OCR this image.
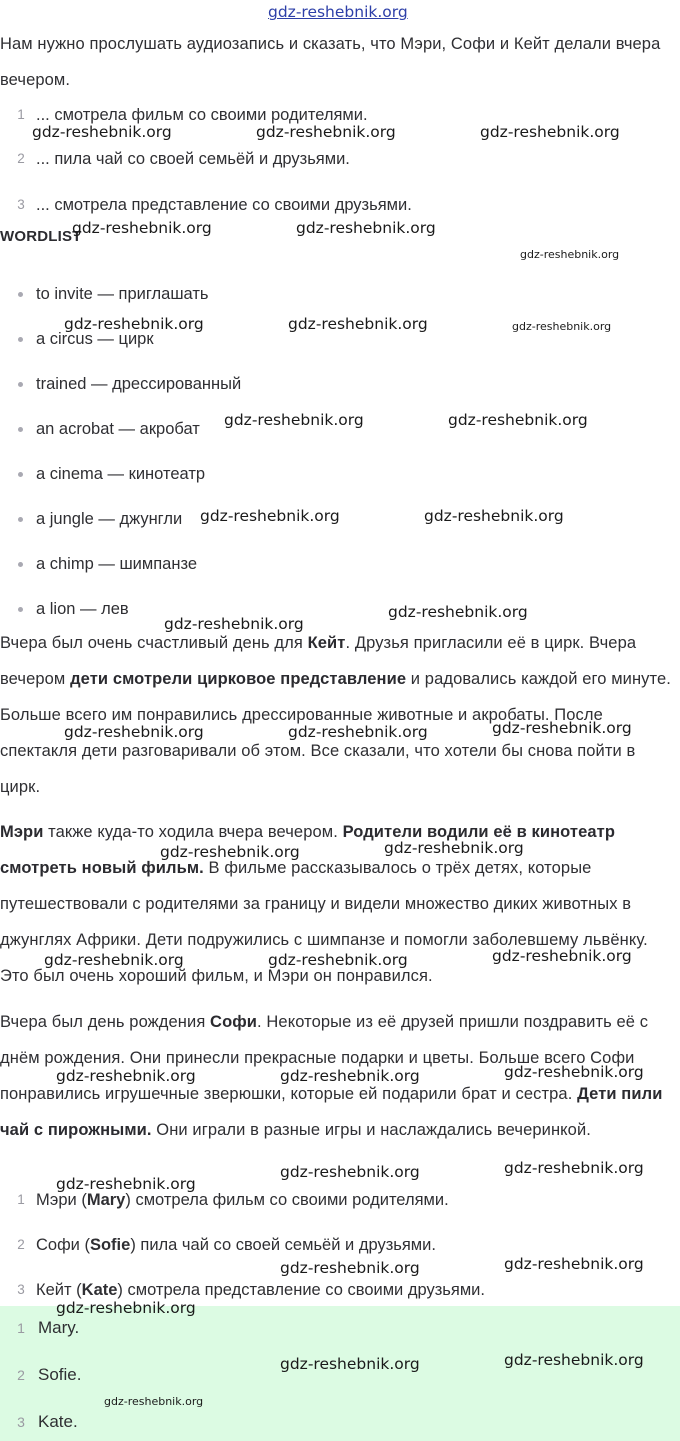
Нам нужно прослушать аудиозапись и сказать, что Мэри, Софи и Кейт делали вчера вечером.

1 ... смотрела фильм со своими родителями.
2 ... пила чай со своей семьёй и друзьями.
3 ... смотрела представление со своими друзьями.
WORDLIST
to invite — приглашать
a circus — цирк
trained — дрессированный
an acrobat — акробат
a cinema — кинотеатр
a jungle — джунгли
a chimp — шимпанзе
a lion — лев

Вчера был очень счастливый день для Кейт. Друзья пригласили её в цирк. Вчера вечером дети смотрели цирковое представление и радовались каждой его минуте. Больше всего им понравились дрессированные животные и акробаты. После спектакля дети разговаривали об этом. Все сказали, что хотели бы снова пойти в цирк.

Мэри также куда-то ходила вчера вечером. Родители водили её в кинотеатр смотреть новый фильм. В фильме рассказывалось о трёх детях, которые путешествовали с родителями за границу и видели множество диких животных в джунглях Африки. Дети подружились с шимпанзе и помогли заболевшему львёнку. Это был очень хороший фильм, и Мэри он понравился.

Вчера был день рождения Софи. Некоторые из её друзей пришли поздравить её с днём рождения. Они принесли прекрасные подарки и цветы. Больше всего Софи понравились игрушечные зверюшки, которые ей подарили брат и сестра. Дети пили чай с пирожными. Они играли в разные игры и наслаждались вечеринкой.

1 Мэри (Mary) смотрела фильм со своими родителями.
2 Софи (Sofie) пила чай со своей семьёй и друзьями.
3 Кейт (Kate) смотрела представление со своими друзьями.
1 Mary.
2 Sofie.
3 Kate.
gdz-reshebnik.org
gdz-reshebnik.org	gdz-reshebnik.org	gdz-reshebnik.org
gdz-reshebnik.org	gdz-reshebnik.org
gdz-reshebnik.org
gdz-reshebnik.org	gdz-reshebnik.org	gdz-reshebnik.org
gdz-reshebnik.org	gdz-reshebnik.org
gdz-reshebnik.org	gdz-reshebnik.org
gdz-reshebnik.org
gdz-reshebnik.org
gdz-reshebnik.org	gdz-reshebnik.org	gdz-reshebnik.org
gdz-reshebnik.org	gdz-reshebnik.org
gdz-reshebnik.org	gdz-reshebnik.org	gdz-reshebnik.org
gdz-reshebnik.org	gdz-reshebnik.org	gdz-reshebnik.org
gdz-reshebnik.org
gdz-reshebnik.org	gdz-reshebnik.org
gdz-reshebnik.org	gdz-reshebnik.org
gdz-reshebnik.org
gdz-reshebnik.org	gdz-reshebnik.org
gdz-reshebnik.org
